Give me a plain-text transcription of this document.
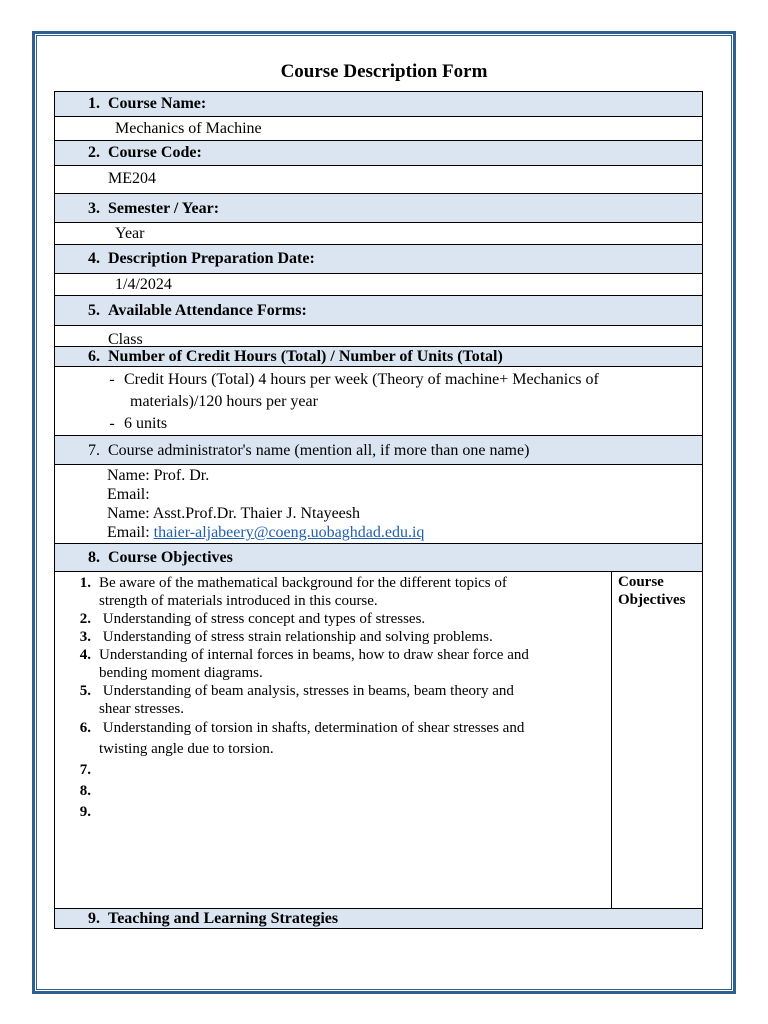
Course Description Form
1. Course Name:
Mechanics of Machine
2. Course Code:
ME204
3. Semester / Year:
Year
4. Description Preparation Date:
1/4/2024
5. Available Attendance Forms:
Class
6. Number of Credit Hours (Total) / Number of Units (Total)
- Credit Hours (Total) 4 hours per week (Theory of machine+ Mechanics of
materials)/120 hours per year
- 6 units
7. Course administrator's name (mention all, if more than one name)
Name: Prof. Dr.
Email:
Name: Asst.Prof.Dr. Thaier J. Ntayeesh
Email: thaier-aljabeery@coeng.uobaghdad.edu.iq
8. Course Objectives
1. Be aware of the mathematical background for the different topics of
strength of materials introduced in this course.
2. Understanding of stress concept and types of stresses.
3. Understanding of stress strain relationship and solving problems.
4. Understanding of internal forces in beams, how to draw shear force and
bending moment diagrams.
5. Understanding of beam analysis, stresses in beams, beam theory and
shear stresses.
6. Understanding of torsion in shafts, determination of shear stresses and
twisting angle due to torsion.
7.
8.
9.
Course
Objectives
9. Teaching and Learning Strategies
